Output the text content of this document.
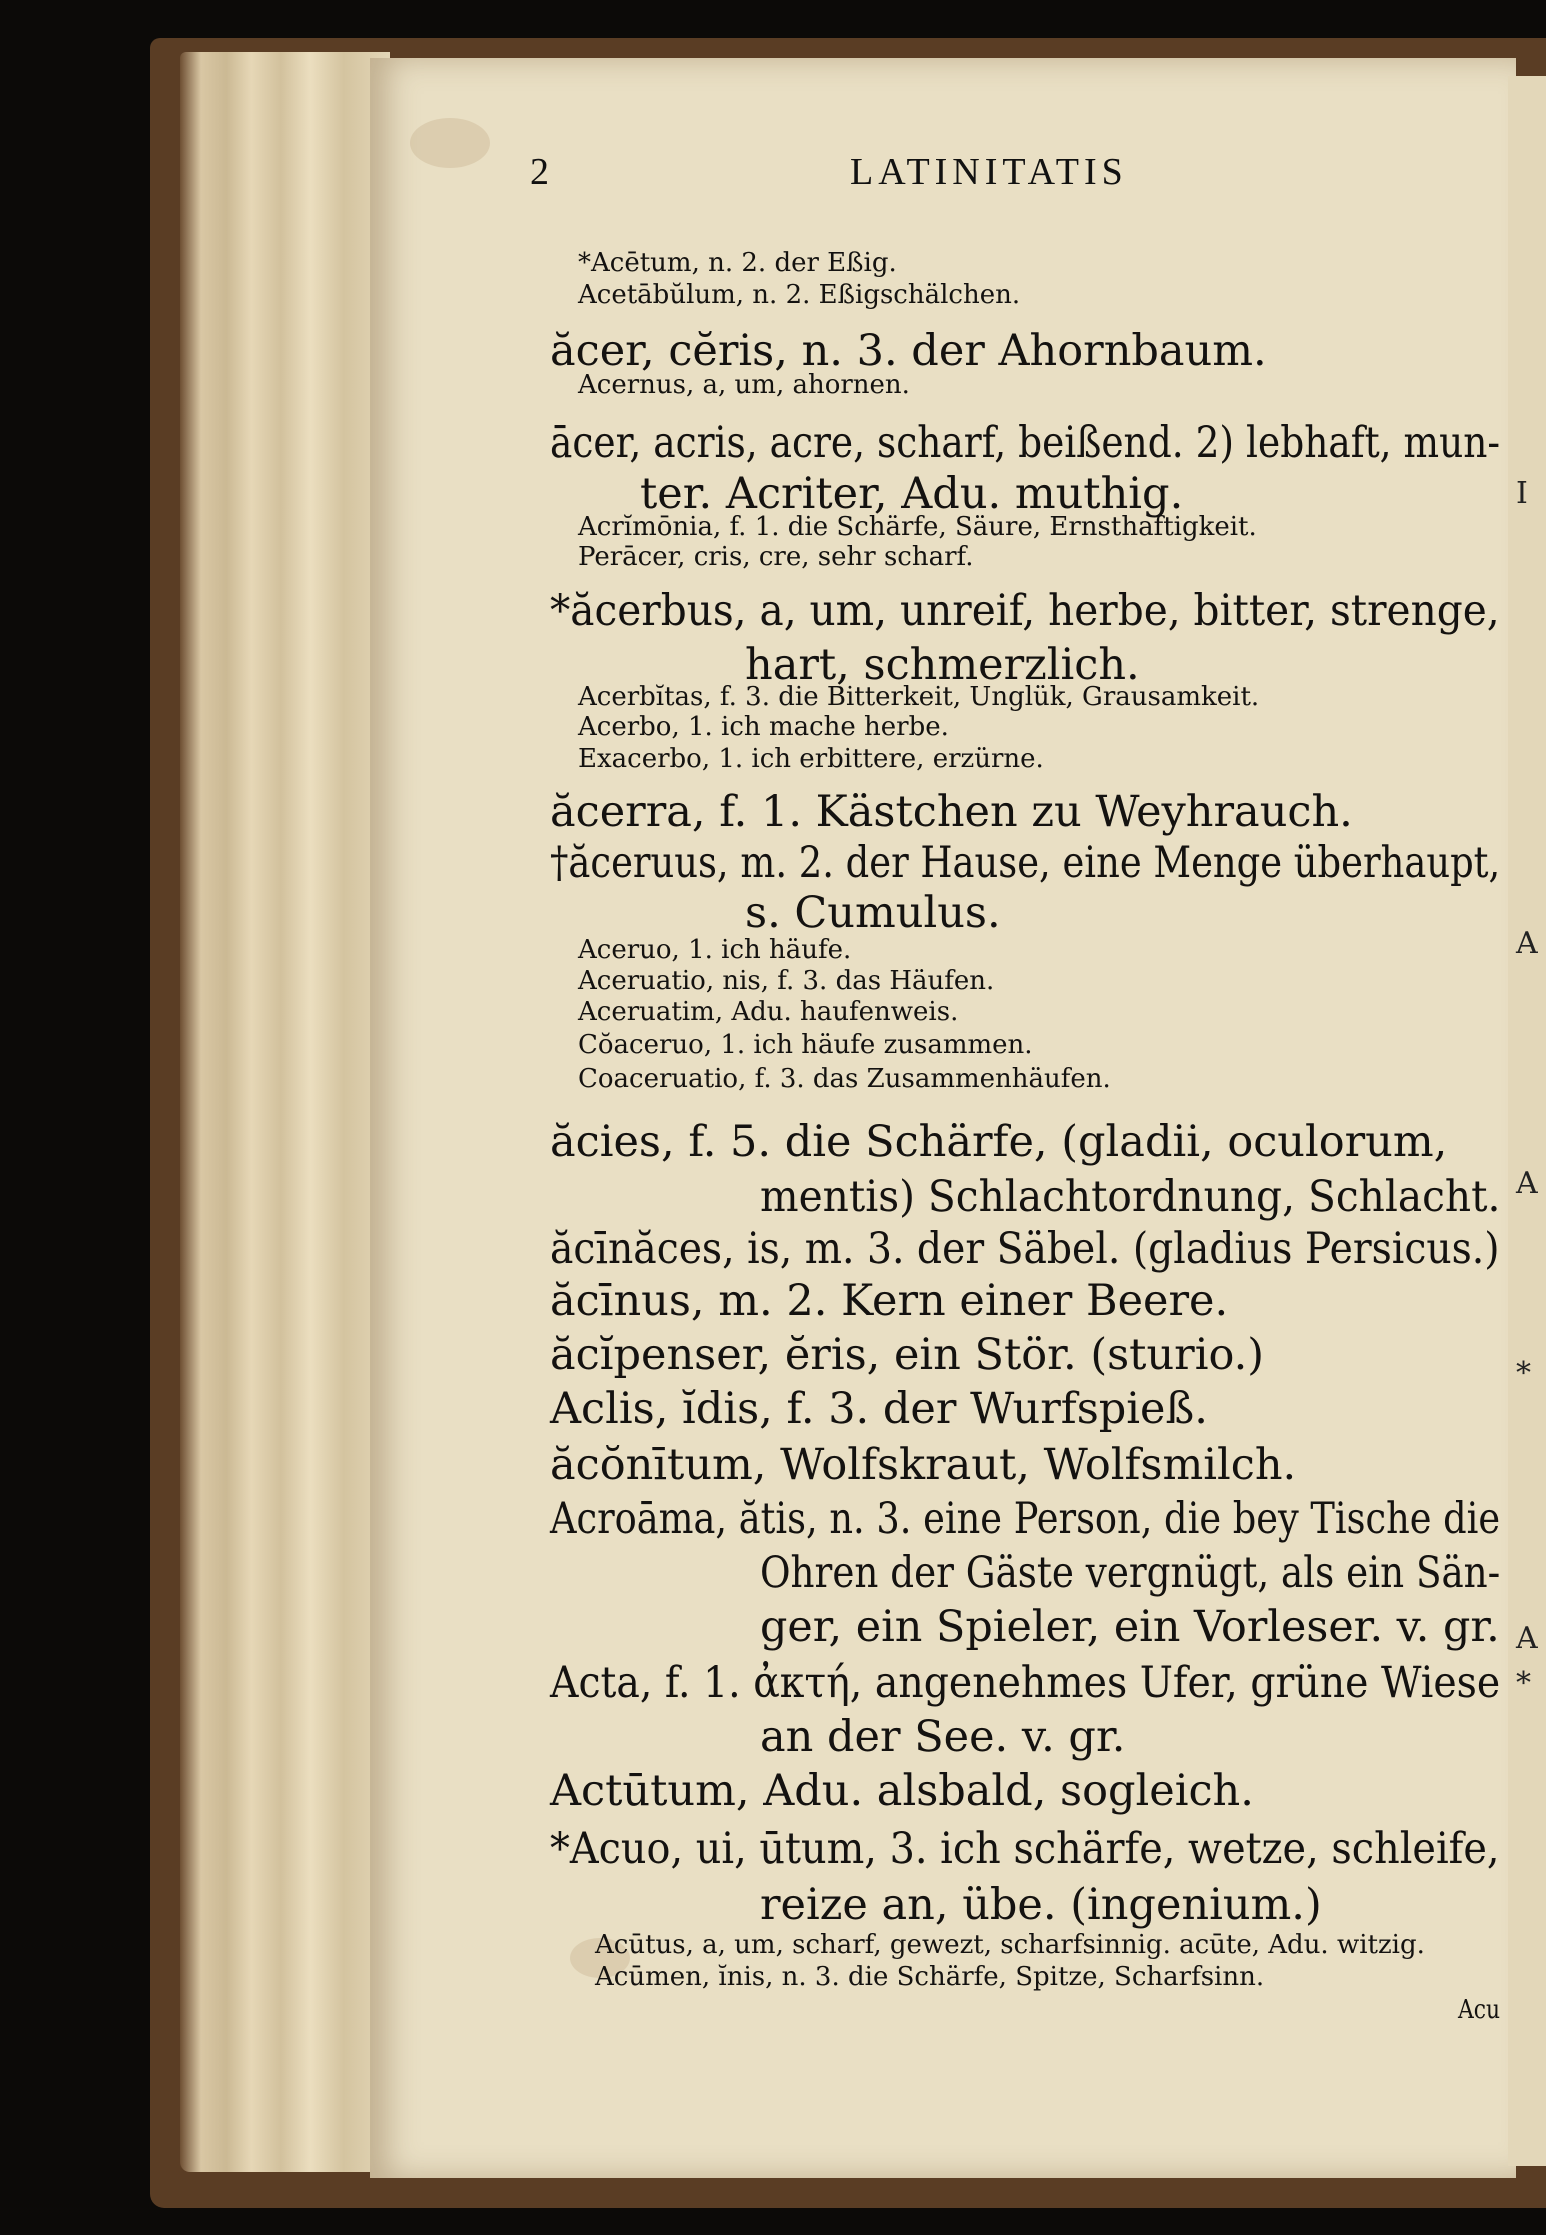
I
A
A
*
A
*
2	LATINITATIS
*Acētum, n. 2. der Eßig.
Acetābŭlum, n. 2. Eßigschälchen.
ăcer, cĕris, n. 3. der Ahornbaum.
Acernus, a, um, ahornen.
ācer, acris, acre, scharf, beißend. 2) lebhaft, mun-
ter. Acriter, Adu. muthig.
Acrĭmōnia, f. 1. die Schärfe, Säure, Ernsthaftigkeit.
Perācer, cris, cre, sehr scharf.
*ăcerbus, a, um, unreif, herbe, bitter, strenge,
hart, schmerzlich.
Acerbĭtas, f. 3. die Bitterkeit, Unglük, Grausamkeit.
Acerbo, 1. ich mache herbe.
Exacerbo, 1. ich erbittere, erzürne.
ăcerra, f. 1. Kästchen zu Weyhrauch.
†ăceruus, m. 2. der Hause, eine Menge überhaupt,
s. Cumulus.
Aceruo, 1. ich häufe.
Aceruatio, nis, f. 3. das Häufen.
Aceruatim, Adu. haufenweis.
Cŏaceruo, 1. ich häufe zusammen.
Coaceruatio, f. 3. das Zusammenhäufen.
ăcies, f. 5. die Schärfe, (gladii, oculorum,
mentis) Schlachtordnung, Schlacht.
ăcīnăces, is, m. 3. der Säbel. (gladius Persicus.)
ăcīnus, m. 2. Kern einer Beere.
ăcĭpenser, ĕris, ein Stör. (sturio.)
Aclis, ĭdis, f. 3. der Wurfspieß.
ăcŏnītum, Wolfskraut, Wolfsmilch.
Acroāma, ătis, n. 3. eine Person, die bey Tische die
Ohren der Gäste vergnügt, als ein Sän-
ger, ein Spieler, ein Vorleser. v. gr.
Acta, f. 1. ἀκτή, angenehmes Ufer, grüne Wiese
an der See. v. gr.
Actūtum, Adu. alsbald, sogleich.
*Acuo, ui, ūtum, 3. ich schärfe, wetze, schleife,
reize an, übe. (ingenium.)
Acūtus, a, um, scharf, gewezt, scharfsinnig. acūte, Adu. witzig.
Acūmen, ĭnis, n. 3. die Schärfe, Spitze, Scharfsinn.
Acu
